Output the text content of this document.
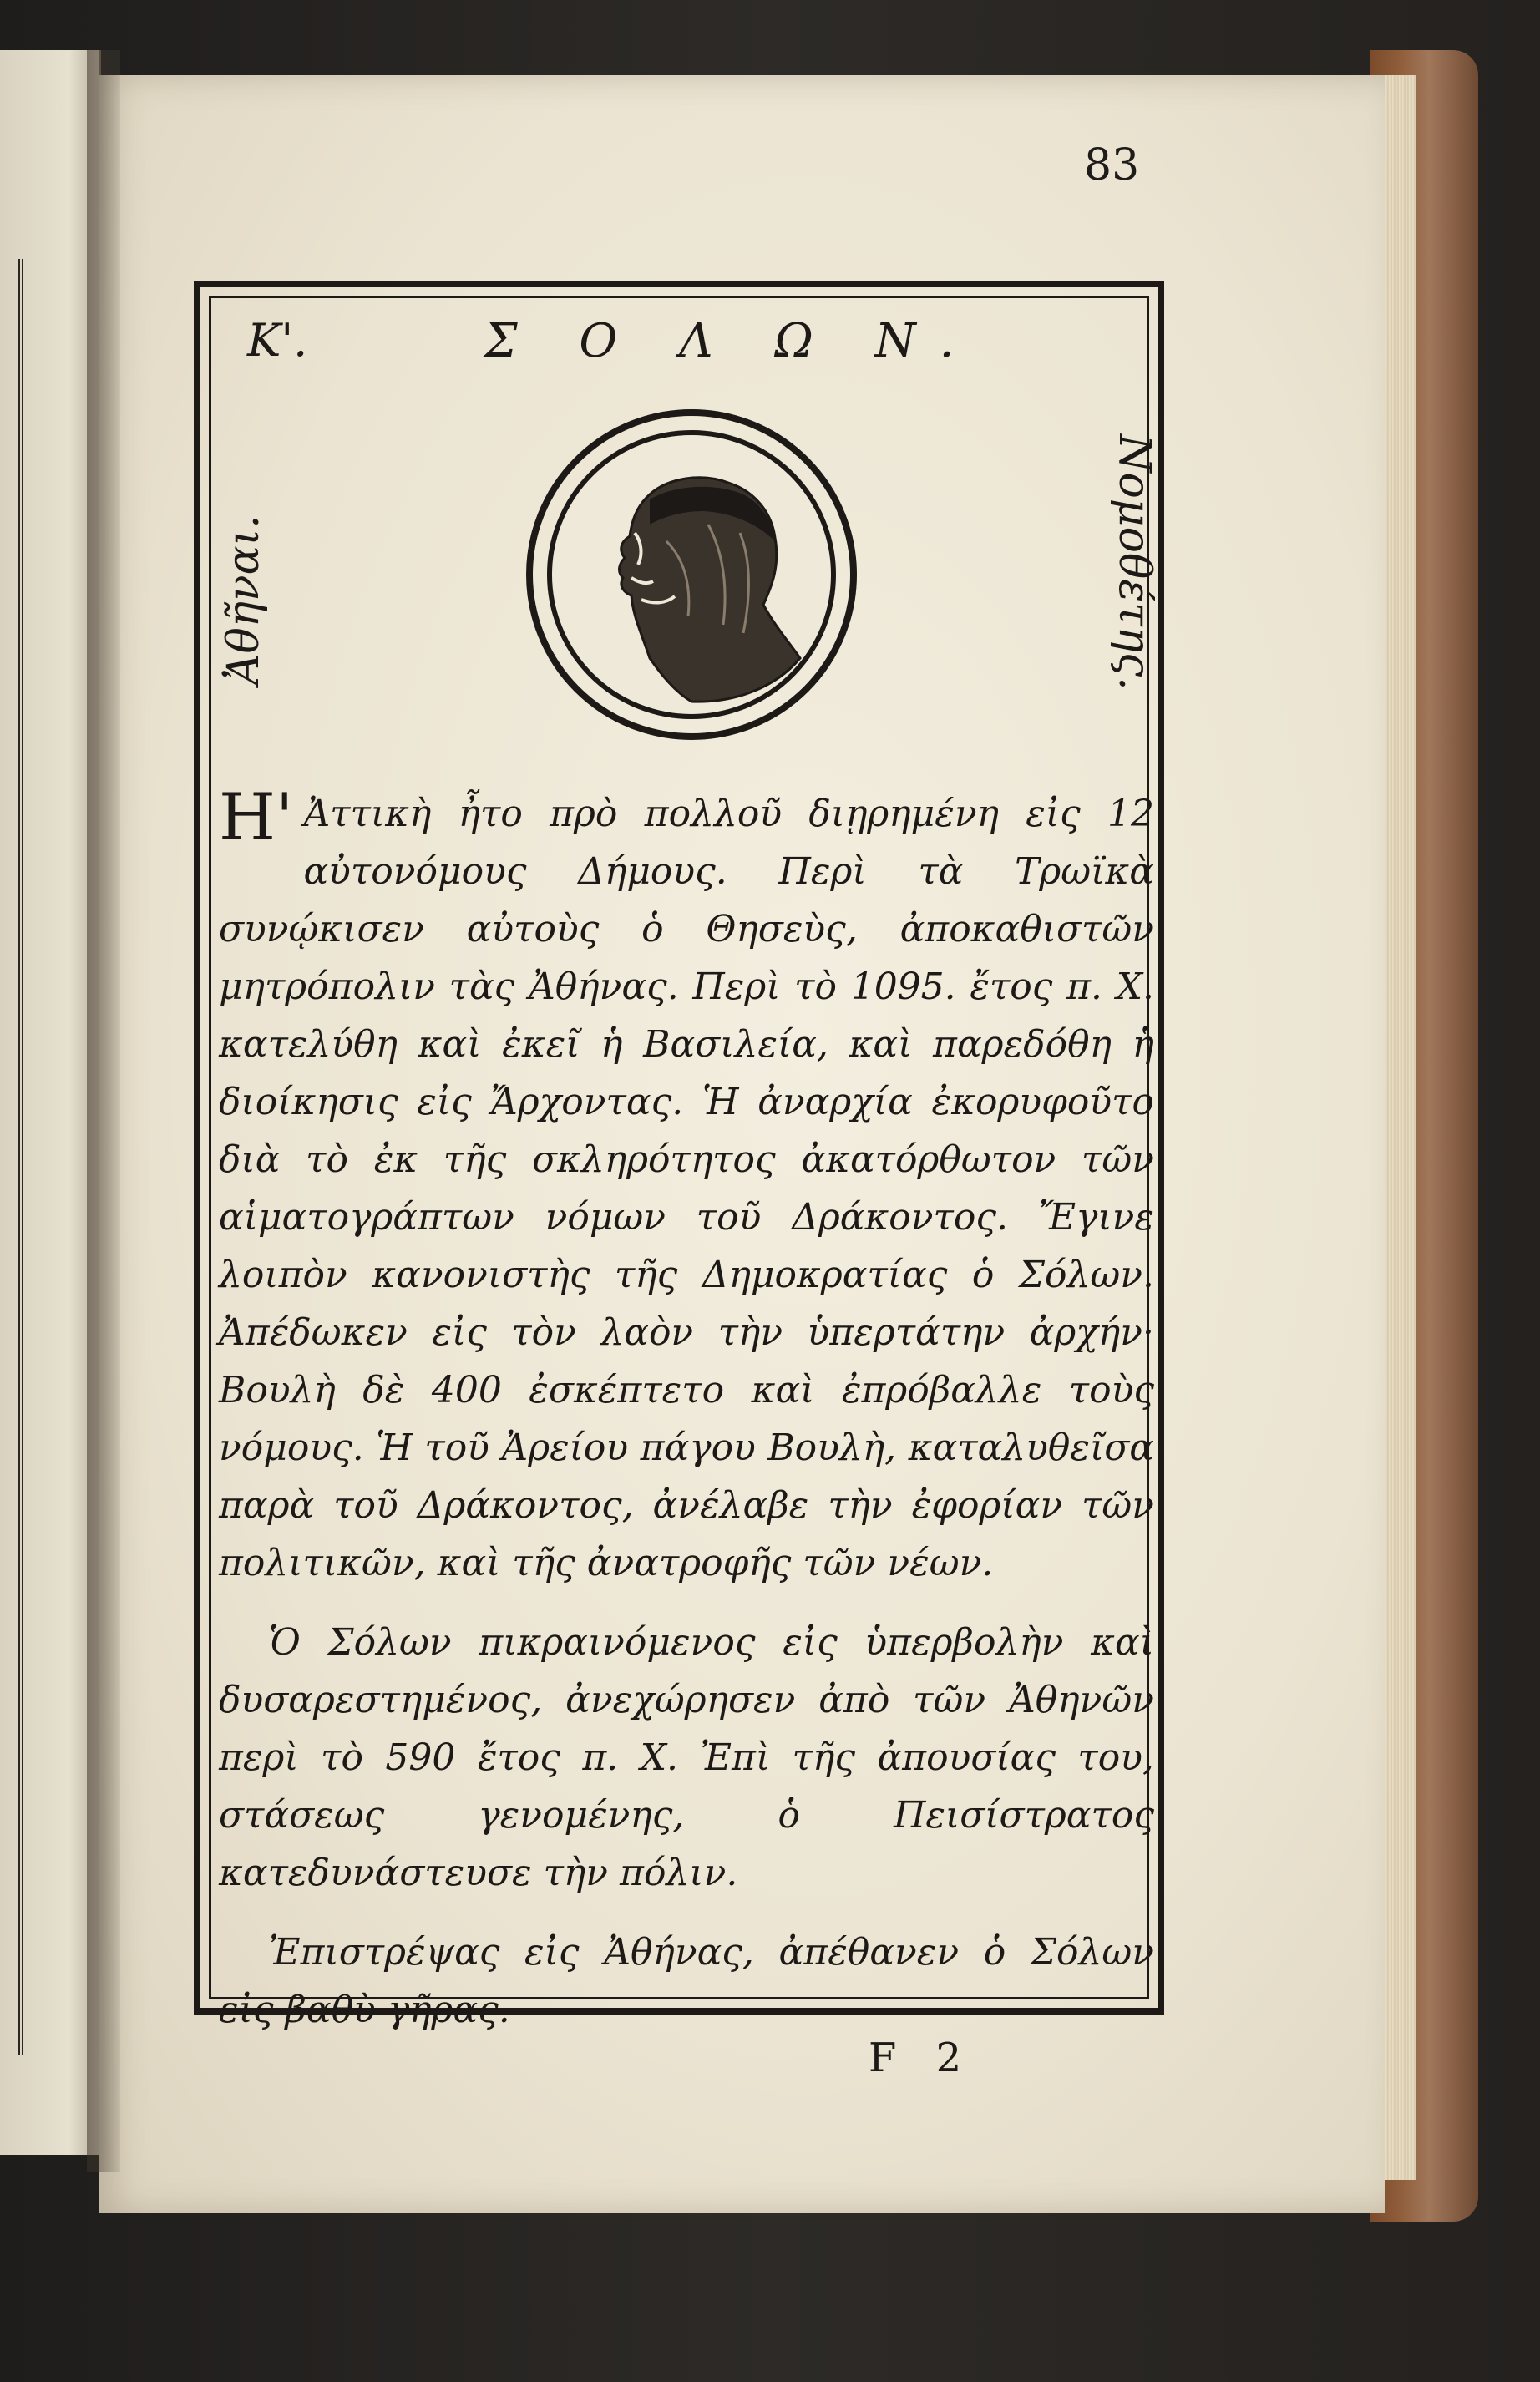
83
Κ'.	Σ Ο Λ Ω Ν.
Ἀθῆναι.	Νομοθέτης.

Η' Ἀττικὴ ἦτο πρὸ πολλοῦ διῃρημένη εἰς 12 αὐτονόμους Δήμους. Περὶ τὰ Τρωϊκὰ συνῴκισεν αὐτοὺς ὁ Θησεὺς, ἀποκαθιστῶν μητρόπολιν τὰς Ἀθήνας. Περὶ τὸ 1095. ἔτος π. Χ. κατελύθη καὶ ἐκεῖ ἡ Βασιλεία, καὶ παρεδόθη ἡ διοίκησις εἰς Ἄρχοντας. Ἡ ἀναρχία ἐκορυφοῦτο διὰ τὸ ἐκ τῆς σκληρότητος ἀκατόρθωτον τῶν αἱματογράπτων νόμων τοῦ Δράκοντος. Ἔγινε λοιπὸν κανονιστὴς τῆς Δημοκρατίας ὁ Σόλων. Ἀπέδωκεν εἰς τὸν λαὸν τὴν ὑπερτάτην ἀρχήν· Βουλὴ δὲ 400 ἐσκέπτετο καὶ ἐπρόβαλλε τοὺς νόμους. Ἡ τοῦ Ἀρείου πάγου Βουλὴ, καταλυθεῖσα παρὰ τοῦ Δράκοντος, ἀνέλαβε τὴν ἐφορίαν τῶν πολιτικῶν, καὶ τῆς ἀνατροφῆς τῶν νέων.

Ὁ Σόλων πικραινόμενος εἰς ὑπερβολὴν καὶ δυσαρεστημένος, ἀνεχώρησεν ἀπὸ τῶν Ἀθηνῶν περὶ τὸ 590 ἔτος π. Χ. Ἐπὶ τῆς ἀπουσίας του, στάσεως γενομένης, ὁ Πεισίστρατος κατεδυνάστευσε τὴν πόλιν.

Ἐπιστρέψας εἰς Ἀθήνας, ἀπέθανεν ὁ Σόλων εἰς βαθὺ γῆρας.

F 2
